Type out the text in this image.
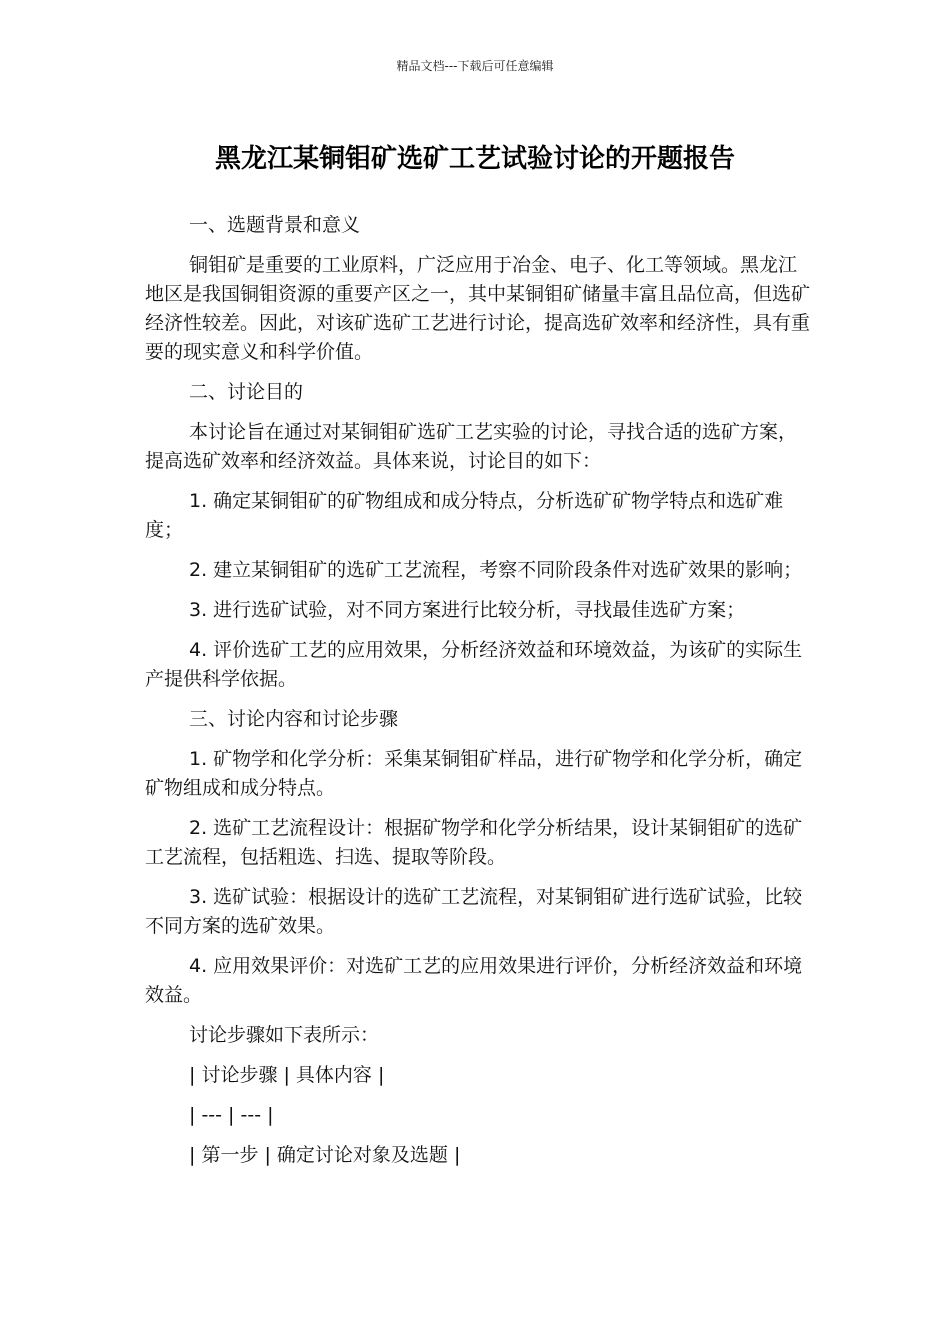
精品文档---下载后可任意编辑
黑龙江某铜钼矿选矿工艺试验讨论的开题报告

一、选题背景和意义

铜钼矿是重要的工业原料，广泛应用于冶金、电子、化工等领域。黑龙江地区是我国铜钼资源的重要产区之一，其中某铜钼矿储量丰富且品位高，但选矿经济性较差。因此，对该矿选矿工艺进行讨论，提高选矿效率和经济性，具有重要的现实意义和科学价值。

二、讨论目的

本讨论旨在通过对某铜钼矿选矿工艺实验的讨论，寻找合适的选矿方案，提高选矿效率和经济效益。具体来说，讨论目的如下：

1. 确定某铜钼矿的矿物组成和成分特点，分析选矿矿物学特点和选矿难度；

2. 建立某铜钼矿的选矿工艺流程，考察不同阶段条件对选矿效果的影响；

3. 进行选矿试验，对不同方案进行比较分析，寻找最佳选矿方案；

4. 评价选矿工艺的应用效果，分析经济效益和环境效益，为该矿的实际生产提供科学依据。

三、讨论内容和讨论步骤

1. 矿物学和化学分析：采集某铜钼矿样品，进行矿物学和化学分析，确定矿物组成和成分特点。

2. 选矿工艺流程设计：根据矿物学和化学分析结果，设计某铜钼矿的选矿工艺流程，包括粗选、扫选、提取等阶段。

3. 选矿试验：根据设计的选矿工艺流程，对某铜钼矿进行选矿试验，比较不同方案的选矿效果。

4. 应用效果评价：对选矿工艺的应用效果进行评价，分析经济效益和环境效益。

讨论步骤如下表所示：

| 讨论步骤 | 具体内容 |

| --- | --- |

| 第一步 | 确定讨论对象及选题 |
